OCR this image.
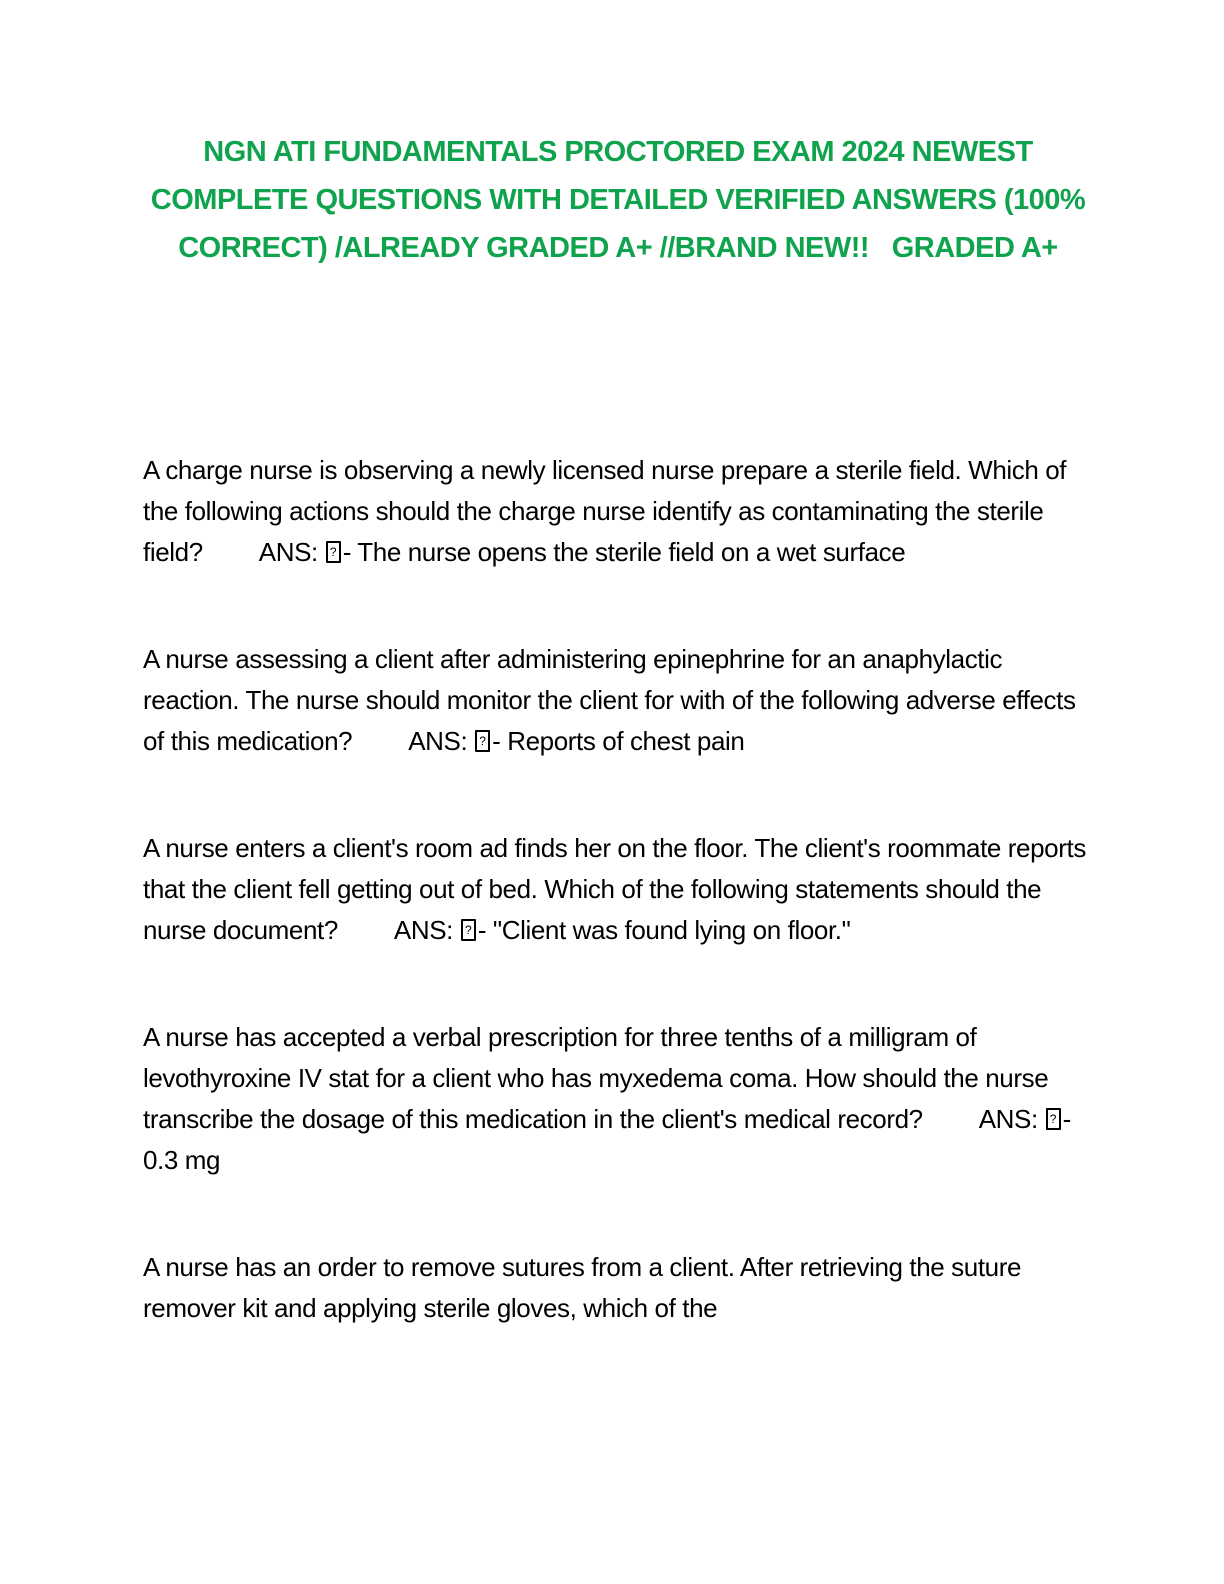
NGN ATI FUNDAMENTALS PROCTORED EXAM 2024 NEWEST
COMPLETE QUESTIONS WITH DETAILED VERIFIED ANSWERS (100%
CORRECT) /ALREADY GRADED A+ //BRAND NEW!!   GRADED A+

A charge nurse is observing a newly licensed nurse prepare a sterile field. Which of the following actions should the charge nurse identify as contaminating the sterile field? ANS: ? - The nurse opens the sterile field on a wet surface

A nurse assessing a client after administering epinephrine for an anaphylactic reaction. The nurse should monitor the client for with of the following adverse effects of this medication? ANS: ? - Reports of chest pain

A nurse enters a client's room ad finds her on the floor. The client's roommate reports that the client fell getting out of bed. Which of the following statements should the nurse document? ANS: ? - "Client was found lying on floor."

A nurse has accepted a verbal prescription for three tenths of a milligram of levothyroxine IV stat for a client who has myxedema coma. How should the nurse transcribe the dosage of this medication in the client's medical record? ANS: ? - 0.3 mg

A nurse has an order to remove sutures from a client. After retrieving the suture remover kit and applying sterile gloves, which of the
